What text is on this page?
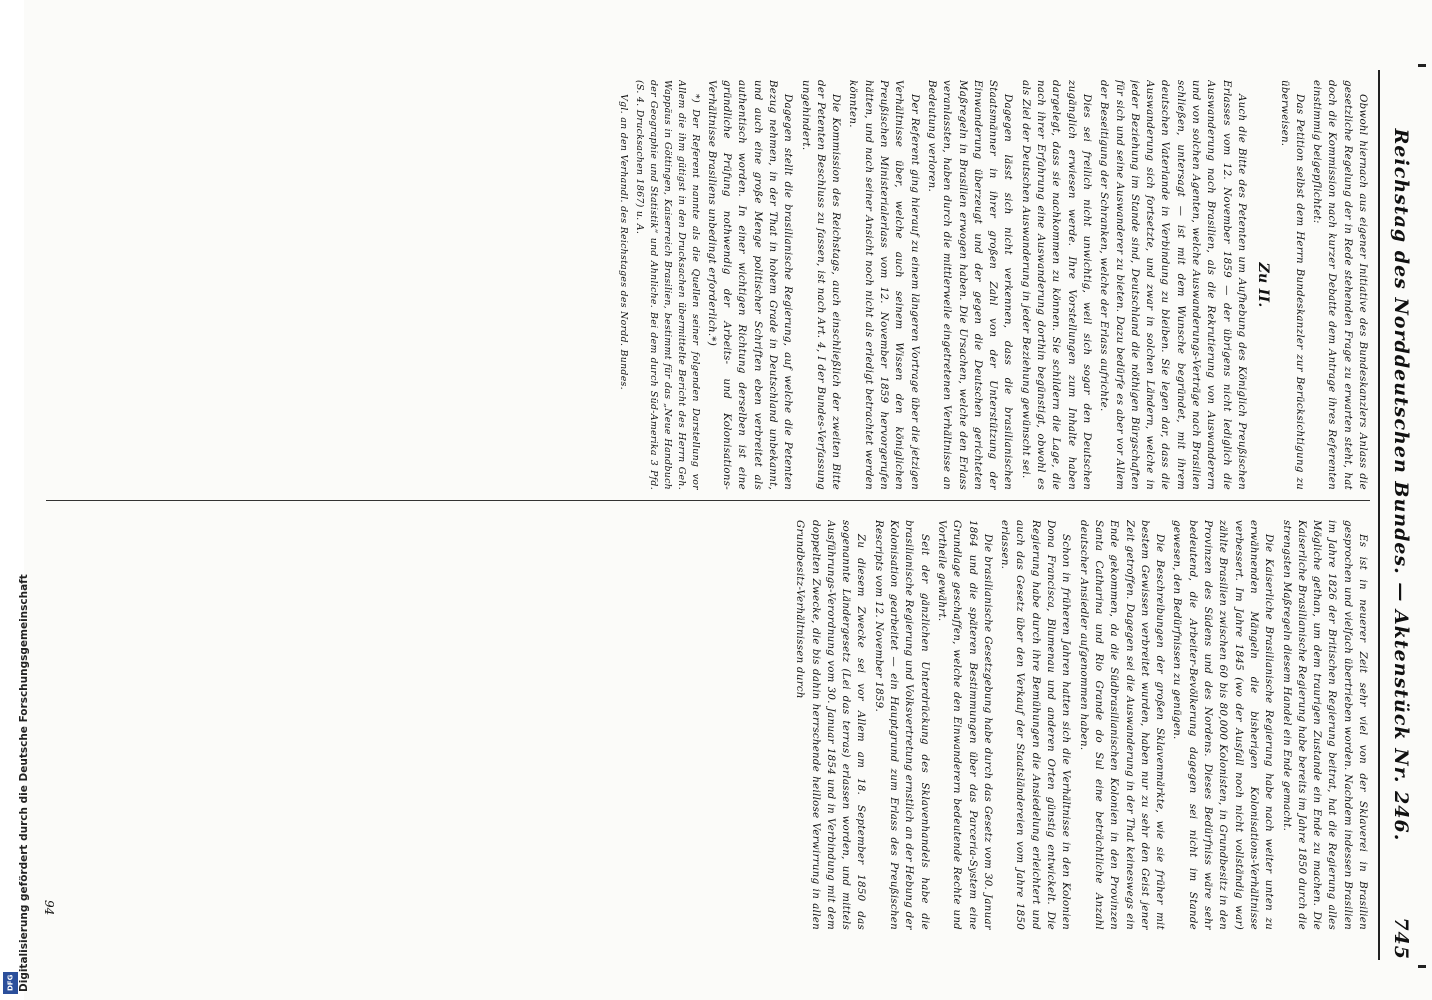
Digitalisierung gefördert durch die Deutsche Forschungsgemeinschaft
DFG
Reichstag des Norddeutschen Bundes. — Aktenstück Nr. 246.
745

Obwohl hiernach aus eigener Initiative des Bundeskanzlers Anlass die gesetzliche Regelung der in Rede stehenden Frage zu erwarten steht, hat doch die Kommission nach kurzer Debatte dem Antrage ihres Referenten einstimmig beigepflichtet:

Das Petition selbst dem Herrn Bundeskanzler zur Berücksichtigung zu überweisen.

Zu II.

Auch die Bitte des Petenten um Aufhebung des Königlich Preußischen Erlasses vom 12. November 1859 — der übrigens nicht lediglich die Auswanderung nach Brasilien, als die Rekrutierung von Auswanderern und von solchen Agenten, welche Auswanderungs-Verträge nach Brasilien schließen, untersagt — ist mit dem Wunsche begründet, mit ihrem deutschen Vaterlande in Verbindung zu bleiben. Sie legen dar, dass die Auswanderung sich fortsetzte, und zwar in solchen Ländern, welche in jeder Beziehung im Stande sind, Deutschland die nöthigen Bürgschaften für sich und seine Auswanderer zu bieten. Dazu bedürfe es aber vor Allem der Beseitigung der Schranken, welche der Erlass aufrichte.

Dies sei freilich nicht unwichtig, weil sich sogar den Deutschen zugänglich erwiesen werde. Ihre Vorstellungen zum Inhalte haben dargelegt, dass sie nachkommen zu können. Sie schildern die Lage, die nach ihrer Erfahrung eine Auswanderung dorthin begünstigt, obwohl es als Ziel der Deutschen Auswanderung in jeder Beziehung gewünscht sei.

Dagegen lässt sich nicht verkennen, dass die brasilianischen Staatsmänner in ihrer großen Zahl von der Unterstützung der Einwanderung überzeugt und der gegen die Deutschen gerichteten Maßregeln in Brasilien erwogen haben. Die Ursachen, welche den Erlass veranlassten, haben durch die mittlerweile eingetretenen Verhältnisse an Bedeutung verloren.

Der Referent ging hierauf zu einem längeren Vortrage über die jetzigen Verhältnisse über, welche auch seinem Wissen den königlichen Preußischen Ministerialerlass vom 12. November 1859 hervorgerufen hätten, und nach seiner Ansicht noch nicht als erledigt betrachtet werden könnten.

Die Kommission des Reichstags, auch einschließlich der zweiten Bitte der Petenten Beschluss zu fassen, ist nach Art. 4, I der Bundes-Verfassung ungehindert.

Dagegen stellt die brasilianische Regierung, auf welche die Petenten Bezug nehmen, in der That in hohem Grade in Deutschland unbekannt, und auch eine große Menge politischer Schriften eben verbreitet als authentisch worden. In einer wichtigen Richtung derselben ist eine gründliche Prüfung nothwendig der Arbeits- und Kolonisations-Verhältnisse Brasiliens unbedingt erforderlich.*)

*) Der Referent nannte als die Quellen seiner folgenden Darstellung vor Allem die ihm gütigst in den Drucksachen übermittelte Bericht des Herrn Geh. Wappäus in Göttingen, Kaiserreich Brasilien, bestimmt für das „Neue Handbuch der Geographie und Statistik“ und Ahnliche. Bei dem durch Süd-Amerika 3 Pfd. (S. 4. Drucksachen 1867) u. A.

Vgl. an den Verhandl. des Reichstages des Nordd. Bundes.

Es ist in neuerer Zeit sehr viel von der Sklaverei in Brasilien gesprochen und vielfach übertrieben worden. Nachdem indessen Brasilien im Jahre 1826 der Britischen Regierung beitrat, hat die Regierung alles Mögliche gethan, um dem traurigen Zustande ein Ende zu machen. Die Kaiserliche Brasilianische Regierung habe bereits im Jahre 1850 durch die strengsten Maßregeln diesem Handel ein Ende gemacht.

Die Kaiserliche Brasilianische Regierung habe nach weiter unten zu erwähnenden Mängeln die bisherigen Kolonisations-Verhältnisse verbessert. Im Jahre 1845 (wo der Ausfall noch nicht vollständig war) zählte Brasilien zwischen 60 bis 80,000 Kolonisten, in Grundbesitz in den Provinzen des Südens und des Nordens. Dieses Bedürfniss wäre sehr bedeutend, die Arbeiter-Bevölkerung dagegen sei nicht im Stande gewesen, den Bedürfnissen zu genügen.

Die Beschreibungen der großen Sklavenmärkte, wie sie früher mit bestem Gewissen verbreitet wurden, haben nur zu sehr den Geist jener Zeit getroffen. Dagegen sei die Auswanderung in der That keineswegs ein Ende gekommen, da die Südbrasilianischen Kolonien in den Provinzen Santa Catharina und Rio Grande do Sul eine beträchtliche Anzahl deutscher Ansiedler aufgenommen haben.

Schon in früheren Jahren hatten sich die Verhältnisse in den Kolonien Dona Francisca, Blumenau und anderen Orten günstig entwickelt. Die Regierung habe durch ihre Bemühungen die Ansiedelung erleichtert und auch das Gesetz über den Verkauf der Staatsländereien vom Jahre 1850 erlassen.

Die brasilianische Gesetzgebung habe durch das Gesetz vom 30. Januar 1864 und die späteren Bestimmungen über das Parceria-System eine Grundlage geschaffen, welche den Einwanderern bedeutende Rechte und Vortheile gewährt.

Seit der gänzlichen Unterdrückung des Sklavenhandels habe die brasilianische Regierung und Volksvertretung ernstlich an der Hebung der Kolonisation gearbeitet — ein Hauptgrund zum Erlass des Preußischen Rescripts vom 12. November 1859.

Zu diesem Zwecke sei vor Allem am 18. September 1850 das sogenannte Ländergesetz (Lei das terras) erlassen worden, und mittels Ausführungs-Verordnung vom 30. Januar 1854 und in Verbindung mit dem doppelten Zwecke, die bis dahin herrschende heillose Verwirrung in allen Grundbesitz-Verhältnissen durch

94
